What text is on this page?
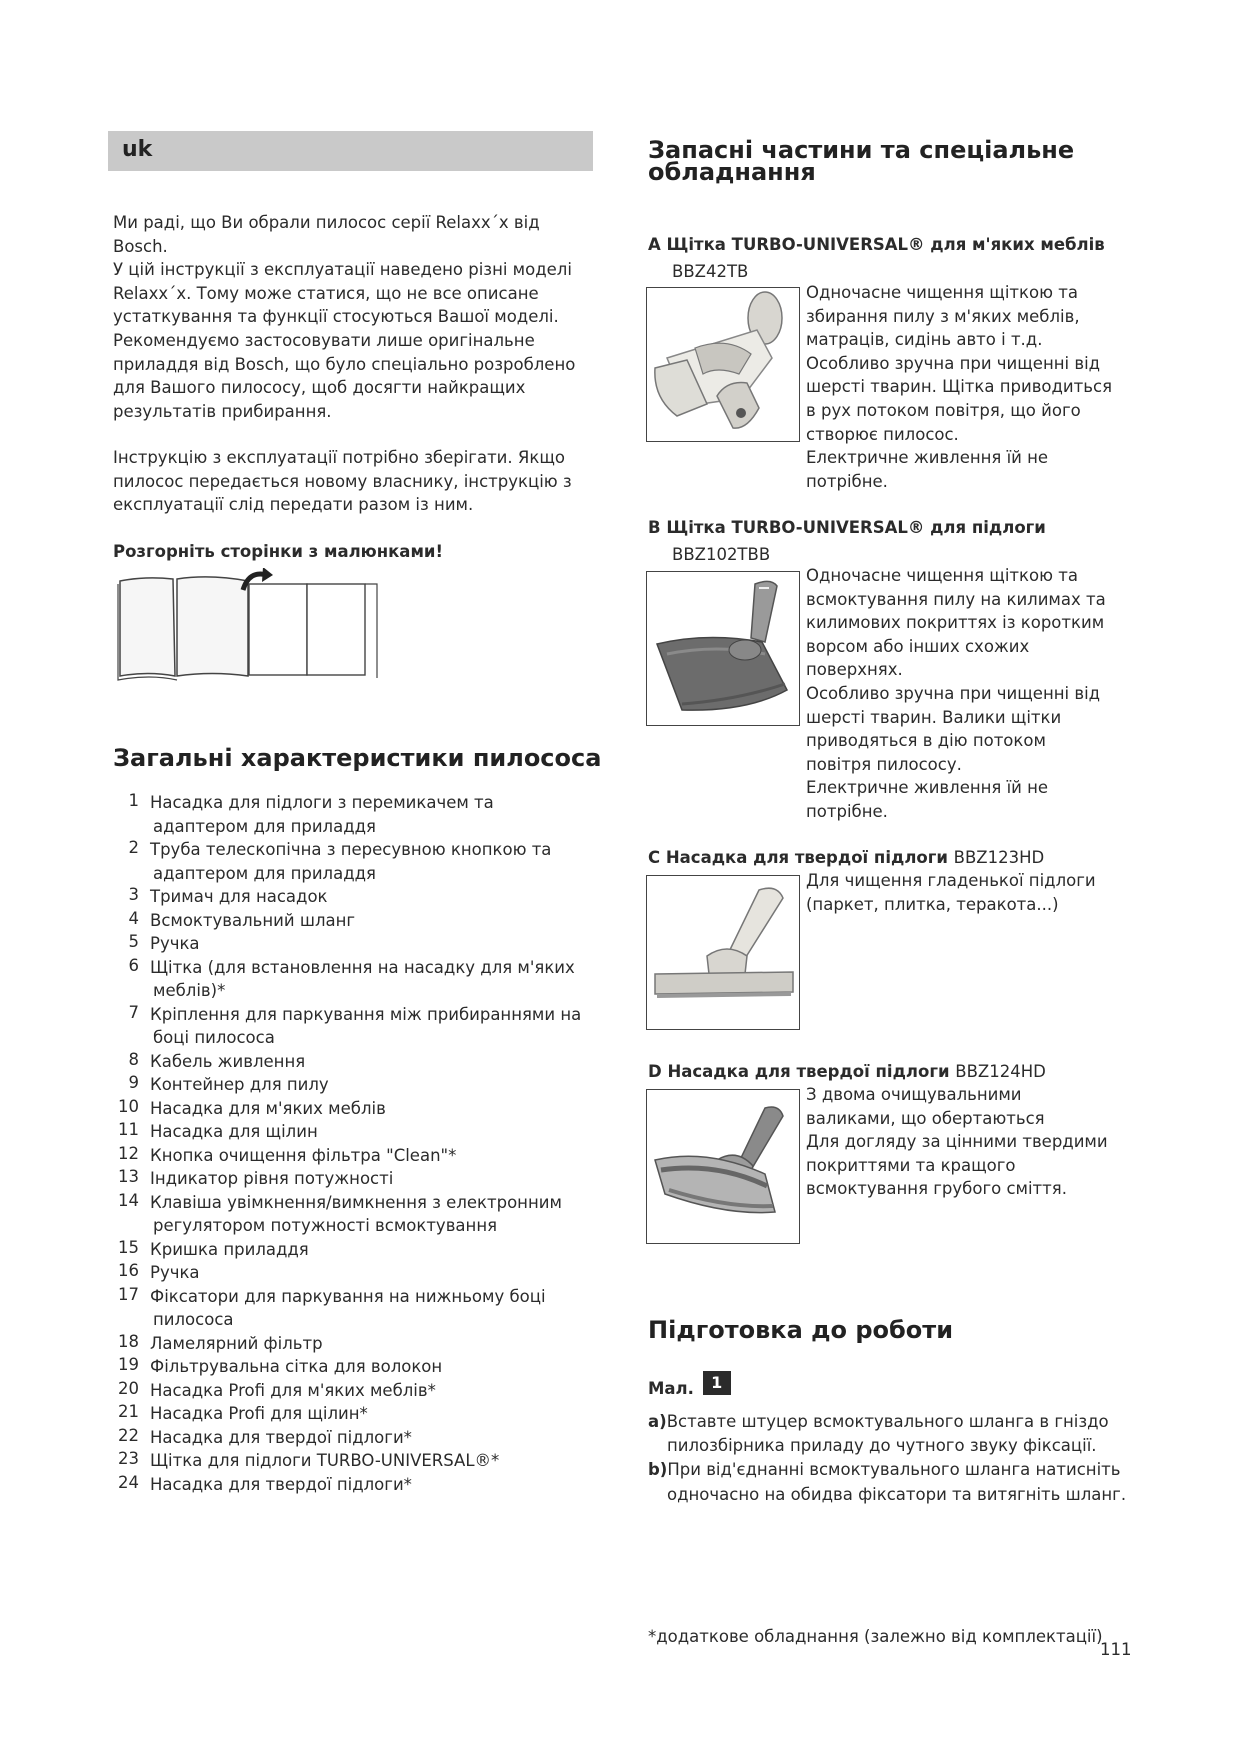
uk
Ми раді, що Ви обрали пилосос серії Relaxx´x від
Bosch.
У цій інструкції з експлуатації наведено різні моделі
Relaxx´x. Тому може статися, що не все описане
устаткування та функції стосуються Вашої моделі.
Рекомендуємо застосовувати лише оригінальне
приладдя від Bosch, що було спеціально розроблено
для Вашого пилососу, щоб досягти найкращих
результатів прибирання.
Інструкцію з експлуатації потрібно зберігати. Якщо
пилосос передається новому власнику, інструкцію з
експлуатації слід передати разом із ним.
Розгорніть сторінки з малюнками!
Загальні характеристики пилососа
1 Насадка для підлоги з перемикачем та
адаптером для приладдя
2 Труба телескопічна з пересувною кнопкою та
адаптером для приладдя
3 Тримач для насадок
4 Всмоктувальний шланг
5 Ручка
6 Щітка (для встановлення на насадку для м'яких
меблів)*
7 Кріплення для паркування між прибираннями на
боці пилососа
8 Кабель живлення
9 Контейнер для пилу
10 Насадка для м'яких меблів
11 Насадка для щілин
12 Кнопка очищення фільтра "Clean"*
13 Індикатор рівня потужності
14 Клавіша увімкнення/вимкнення з електронним
регулятором потужності всмоктування
15 Кришка приладдя
16 Ручка
17 Фіксатори для паркування на нижньому боці
пилососа
18 Ламелярний фільтр
19 Фільтрувальна сітка для волокон
20 Насадка Profi для м'яких меблів*
21 Насадка Profi для щілин*
22 Насадка для твердої підлоги*
23 Щітка для підлоги TURBO-UNIVERSAL®*
24 Насадка для твердої підлоги*
Запасні частини та спеціальне
обладнання
A Щітка TURBO-UNIVERSAL® для м'яких меблів
BBZ42TB
Одночасне чищення щіткою та
збирання пилу з м'яких меблів,
матраців, сидінь авто і т.д.
Особливо зручна при чищенні від
шерсті тварин. Щітка приводиться
в рух потоком повітря, що його
створює пилосос.
Електричне живлення їй не
потрібне.
B Щітка TURBO-UNIVERSAL® для підлоги
BBZ102TBB
Одночасне чищення щіткою та
всмоктування пилу на килимах та
килимових покриттях із коротким
ворсом або інших схожих
поверхнях.
Особливо зручна при чищенні від
шерсті тварин. Валики щітки
приводяться в дію потоком
повітря пилососу.
Електричне живлення їй не
потрібне.
C Насадка для твердої підлоги BBZ123HD
Для чищення гладенької підлоги
(паркет, плитка, теракота...)
D Насадка для твердої підлоги BBZ124HD
З двома очищувальними
валиками, що обертаються
Для догляду за цінними твердими
покриттями та кращого
всмоктування грубого сміття.
Підготовка до роботи
Мал. 1
a)Вставте штуцер всмоктувального шланга в гніздо
пилозбірника приладу до чутного звуку фіксації.
b)При від'єднанні всмоктувального шланга натисніть
одночасно на обидва фіксатори та витягніть шланг.
*додаткове обладнання (залежно від комплектації)
111
